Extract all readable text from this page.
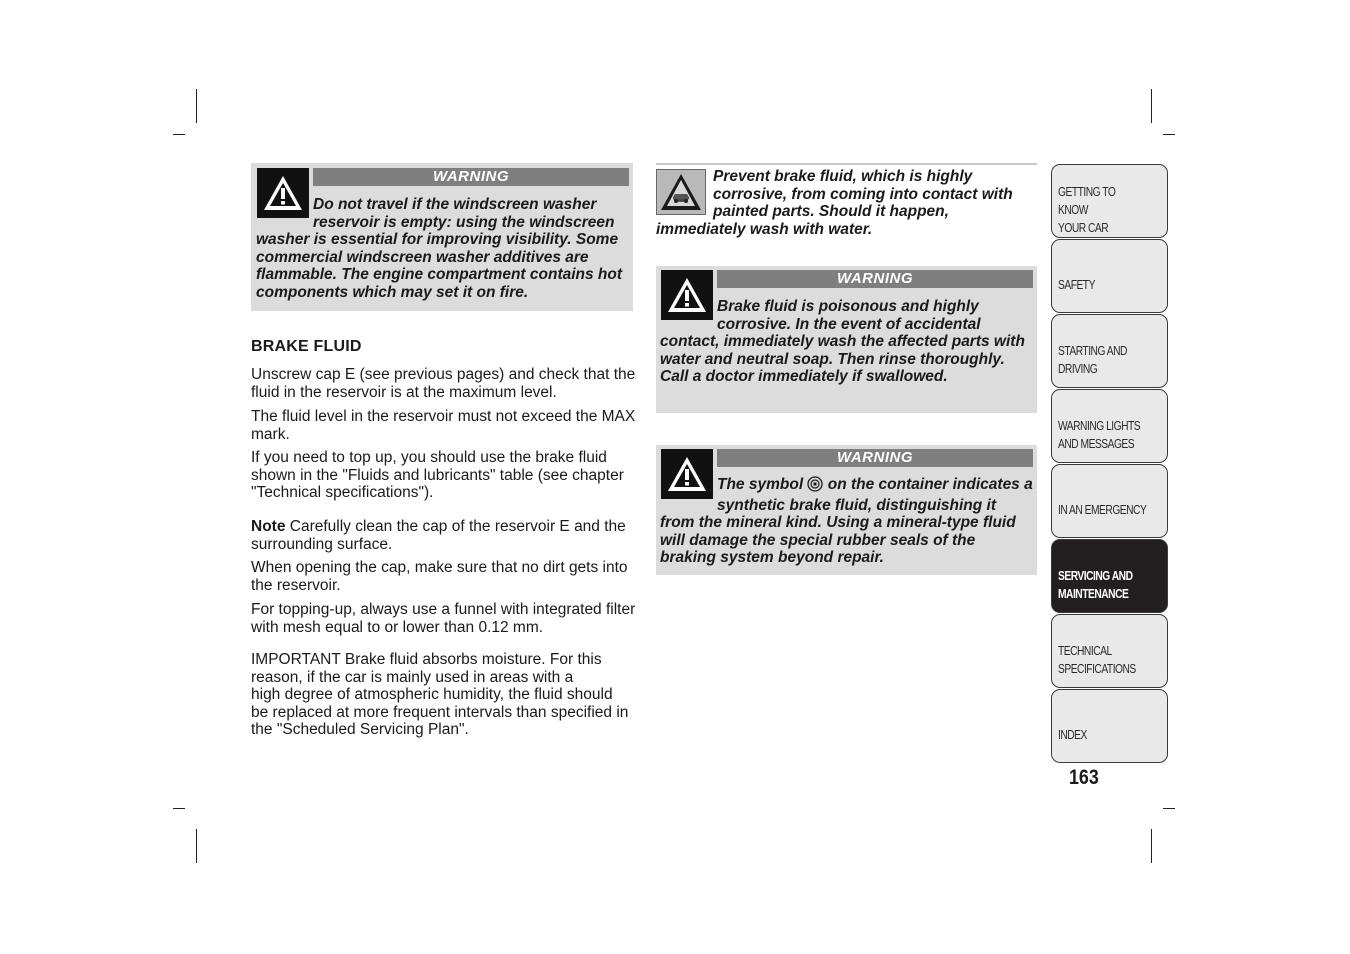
WARNING
Do not travel if the windscreen washer reservoir is empty: using the windscreen washer is essential for improving visibility. Some commercial windscreen washer additives are flammable. The engine compartment contains hot components which may set it on fire.
BRAKE FLUID
Unscrew cap E (see previous pages) and check that the fluid in the reservoir is at the maximum level.
The fluid level in the reservoir must not exceed the MAX mark.
If you need to top up, you should use the brake fluid shown in the "Fluids and lubricants" table (see chapter "Technical specifications").
Note Carefully clean the cap of the reservoir E and the surrounding surface.
When opening the cap, make sure that no dirt gets into the reservoir.
For topping-up, always use a funnel with integrated filter with mesh equal to or lower than 0.12 mm.
IMPORTANT Brake fluid absorbs moisture. For this
reason, if the car is mainly used in areas with a
high degree of atmospheric humidity, the fluid should be replaced at more frequent intervals than specified in the "Scheduled Servicing Plan".
Prevent brake fluid, which is highly corrosive, from coming into contact with painted parts. Should it happen, immediately wash with water.
WARNING
Brake fluid is poisonous and highly corrosive. In the event of accidental contact, immediately wash the affected parts with water and neutral soap. Then rinse thoroughly. Call a doctor immediately if swallowed.
WARNING
The symbol  on the container indicates a synthetic brake fluid, distinguishing it from the mineral kind. Using a mineral-type fluid will damage the special rubber seals of the braking system beyond repair.
GETTING TO KNOW
YOUR CAR
SAFETY
STARTING AND
DRIVING
WARNING LIGHTS
AND MESSAGES
IN AN EMERGENCY
SERVICING AND
MAINTENANCE
TECHNICAL
SPECIFICATIONS
INDEX
163
